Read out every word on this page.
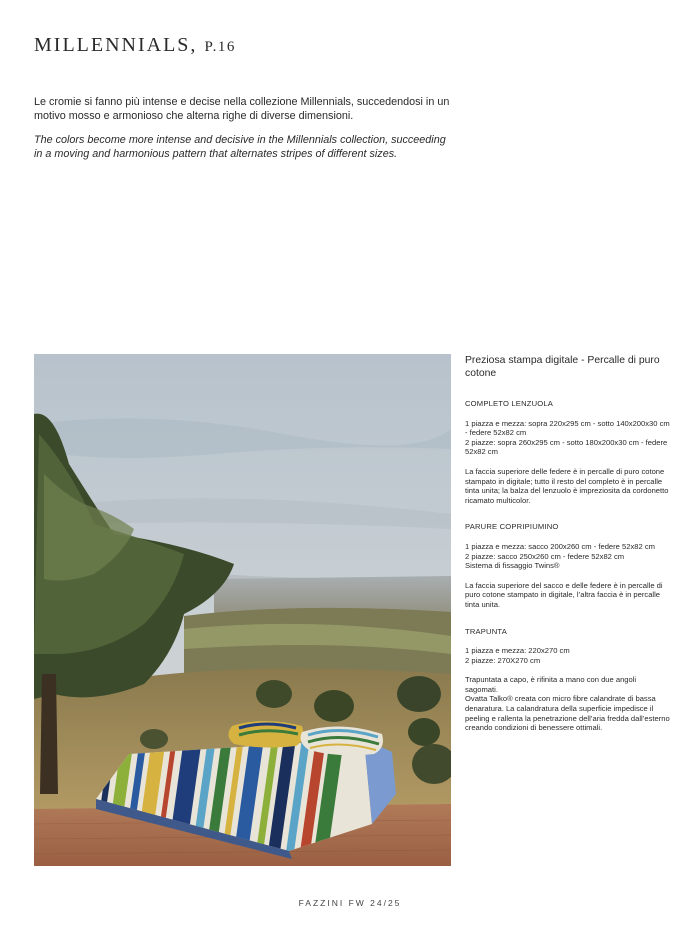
MILLENNIALS, P.16

Le cromie si fanno più intense e decise nella collezione Millennials, succedendosi in un motivo mosso e armonioso che alterna righe di diverse dimensioni.

The colors become more intense and decisive in the Millennials collection, succeeding in a moving and harmonious pattern that alternates stripes of different sizes.

Preziosa stampa digitale - Percalle di puro cotone
COMPLETO LENZUOLA

1 piazza e mezza: sopra 220x295 cm - sotto 140x200x30 cm - federe 52x82 cm

2 piazze: sopra 260x295 cm - sotto 180x200x30 cm - federe 52x82 cm

La faccia superiore delle federe è in percalle di puro cotone stampato in digitale; tutto il resto del completo è in percalle tinta unita; la balza del lenzuolo è impreziosita da cordonetto ricamato multicolor.

PARURE COPRIPIUMINO

1 piazza e mezza: sacco 200x260 cm - federe 52x82 cm

2 piazze: sacco 250x260 cm - federe 52x82 cm

Sistema di fissaggio Twins®

La faccia superiore del sacco e delle federe è in percalle di puro cotone stampato in digitale, l’altra faccia è in percalle tinta unita.

TRAPUNTA

1 piazza e mezza: 220x270 cm

2 piazze: 270X270 cm

Trapuntata a capo, è rifinita a mano con due angoli sagomati.
Ovatta Talko® creata con micro fibre calandrate di bassa denaratura. La calandratura della superficie impedisce il peeling e rallenta la penetrazione dell’aria fredda dall’esterno creando condizioni di benessere ottimali.

FAZZINI FW 24/25
